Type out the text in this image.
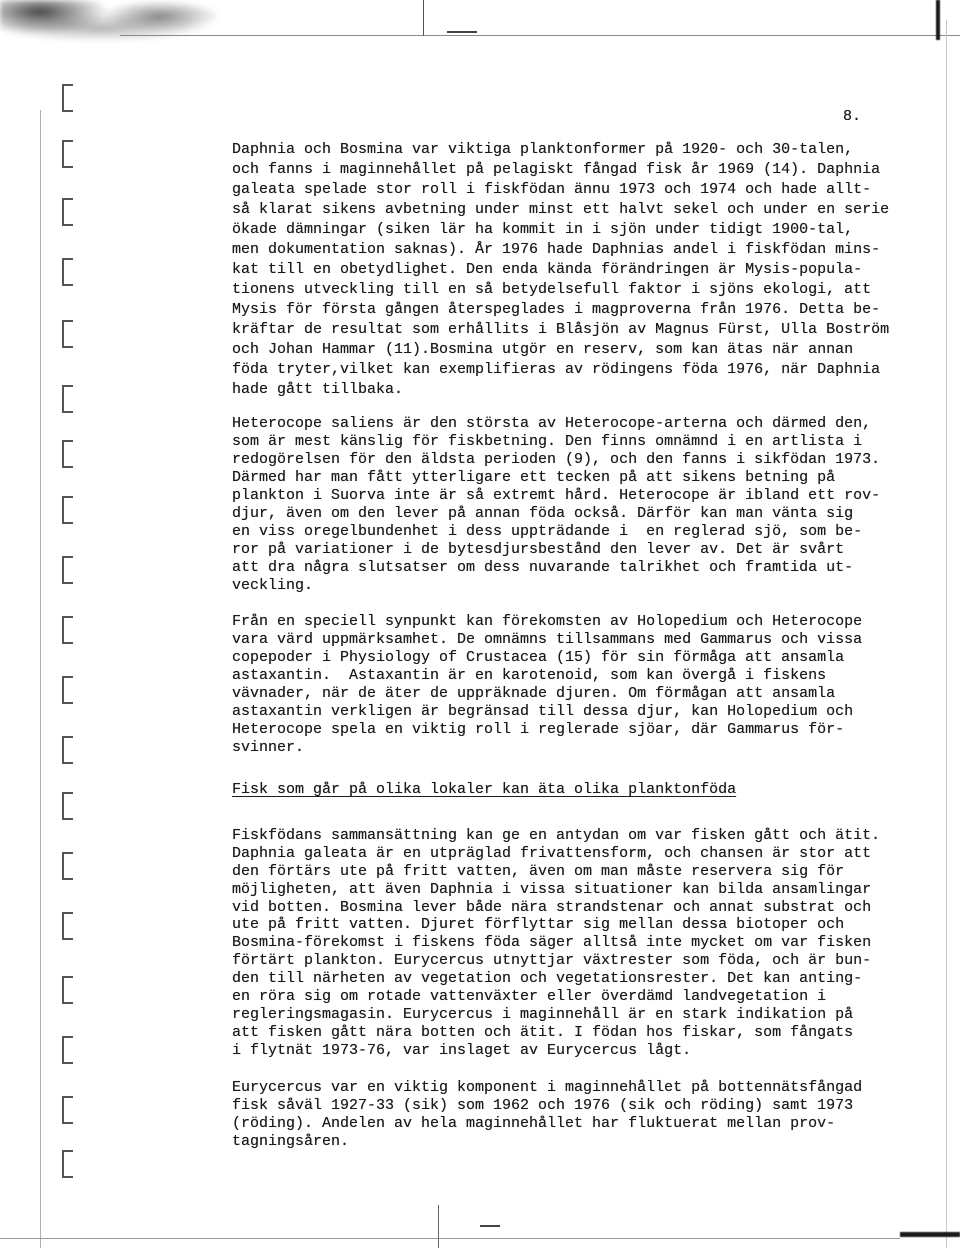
8.
Daphnia och Bosmina var viktiga planktonformer på 1920- och 30-talen,
och fanns i maginnehållet på pelagiskt fångad fisk år 1969 (14). Daphnia
galeata spelade stor roll i fiskfödan ännu 1973 och 1974 och hade allt-
så klarat sikens avbetning under minst ett halvt sekel och under en serie
ökade dämningar (siken lär ha kommit in i sjön under tidigt 1900-tal,
men dokumentation saknas). År 1976 hade Daphnias andel i fiskfödan mins-
kat till en obetydlighet. Den enda kända förändringen är Mysis-popula-
tionens utveckling till en så betydelsefull faktor i sjöns ekologi, att
Mysis för första gången återspeglades i magproverna från 1976. Detta be-
kräftar de resultat som erhållits i Blåsjön av Magnus Fürst, Ulla Boström
och Johan Hammar (11).Bosmina utgör en reserv, som kan ätas när annan
föda tryter,vilket kan exemplifieras av rödingens föda 1976, när Daphnia
hade gått tillbaka.
Heterocope saliens är den största av Heterocope-arterna och därmed den,
som är mest känslig för fiskbetning. Den finns omnämnd i en artlista i
redogörelsen för den äldsta perioden (9), och den fanns i sikfödan 1973.
Därmed har man fått ytterligare ett tecken på att sikens betning på
plankton i Suorva inte är så extremt hård. Heterocope är ibland ett rov-
djur, även om den lever på annan föda också. Därför kan man vänta sig
en viss oregelbundenhet i dess uppträdande i  en reglerad sjö, som be-
ror på variationer i de bytesdjursbestånd den lever av. Det är svårt
att dra några slutsatser om dess nuvarande talrikhet och framtida ut-
veckling.
Från en speciell synpunkt kan förekomsten av Holopedium och Heterocope
vara värd uppmärksamhet. De omnämns tillsammans med Gammarus och vissa
copepoder i Physiology of Crustacea (15) för sin förmåga att ansamla
astaxantin.  Astaxantin är en karotenoid, som kan övergå i fiskens
vävnader, när de äter de uppräknade djuren. Om förmågan att ansamla
astaxantin verkligen är begränsad till dessa djur, kan Holopedium och
Heterocope spela en viktig roll i reglerade sjöar, där Gammarus för-
svinner.
Fisk som går på olika lokaler kan äta olika planktonföda
Fiskfödans sammansättning kan ge en antydan om var fisken gått och ätit.
Daphnia galeata är en utpräglad frivattensform, och chansen är stor att
den förtärs ute på fritt vatten, även om man måste reservera sig för
möjligheten, att även Daphnia i vissa situationer kan bilda ansamlingar
vid botten. Bosmina lever både nära strandstenar och annat substrat och
ute på fritt vatten. Djuret förflyttar sig mellan dessa biotoper och
Bosmina-förekomst i fiskens föda säger alltså inte mycket om var fisken
förtärt plankton. Eurycercus utnyttjar växtrester som föda, och är bun-
den till närheten av vegetation och vegetationsrester. Det kan anting-
en röra sig om rotade vattenväxter eller överdämd landvegetation i
regleringsmagasin. Eurycercus i maginnehåll är en stark indikation på
att fisken gått nära botten och ätit. I födan hos fiskar, som fångats
i flytnät 1973-76, var inslaget av Eurycercus lågt.
Eurycercus var en viktig komponent i maginnehållet på bottennätsfångad
fisk såväl 1927-33 (sik) som 1962 och 1976 (sik och röding) samt 1973
(röding). Andelen av hela maginnehållet har fluktuerat mellan prov-
tagningsåren.
